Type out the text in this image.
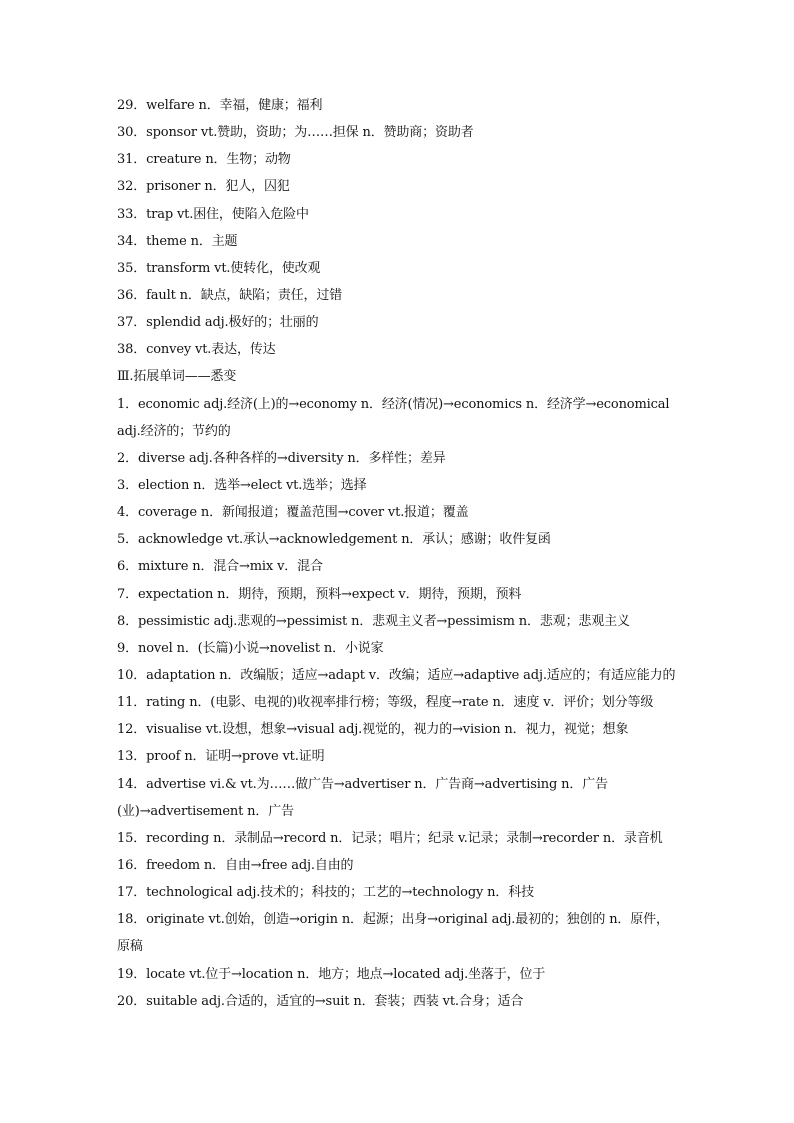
29．welfare n．幸福，健康；福利
30．sponsor vt.赞助，资助；为……担保 n．赞助商；资助者
31．creature n．生物；动物
32．prisoner n．犯人，囚犯
33．trap vt.困住，使陷入危险中
34．theme n．主题
35．transform vt.使转化，使改观
36．fault n．缺点，缺陷；责任，过错
37．splendid adj.极好的；壮丽的
38．convey vt.表达，传达
Ⅲ.拓展单词——悉变
1．economic adj.经济(上)的→economy n．经济(情况)→economics n．经济学→economical adj.经济的；节约的
2．diverse adj.各种各样的→diversity n．多样性；差异
3．election n．选举→elect vt.选举；选择
4．coverage n．新闻报道；覆盖范围→cover vt.报道；覆盖
5．acknowledge vt.承认→acknowledgement n．承认；感谢；收件复函
6．mixture n．混合→mix v．混合
7．expectation n．期待，预期，预料→expect v．期待，预期，预料
8．pessimistic adj.悲观的→pessimist n．悲观主义者→pessimism n．悲观；悲观主义
9．novel n．(长篇)小说→novelist n．小说家
10．adaptation n．改编版；适应→adapt v．改编；适应→adaptive adj.适应的；有适应能力的
11．rating n．(电影、电视的)收视率排行榜；等级，程度→rate n．速度 v．评价；划分等级
12．visualise vt.设想，想象→visual adj.视觉的，视力的→vision n．视力，视觉；想象
13．proof n．证明→prove vt.证明
14．advertise vi.& vt.为……做广告→advertiser n．广告商→advertising n．广告(业)→advertisement n．广告
15．recording n．录制品→record n．记录；唱片；纪录 v.记录；录制→recorder n．录音机
16．freedom n．自由→free adj.自由的
17．technological adj.技术的；科技的；工艺的→technology n．科技
18．originate vt.创始，创造→origin n．起源；出身→original adj.最初的；独创的 n．原件，原稿
19．locate vt.位于→location n．地方；地点→located adj.坐落于，位于
20．suitable adj.合适的，适宜的→suit n．套装；西装 vt.合身；适合
